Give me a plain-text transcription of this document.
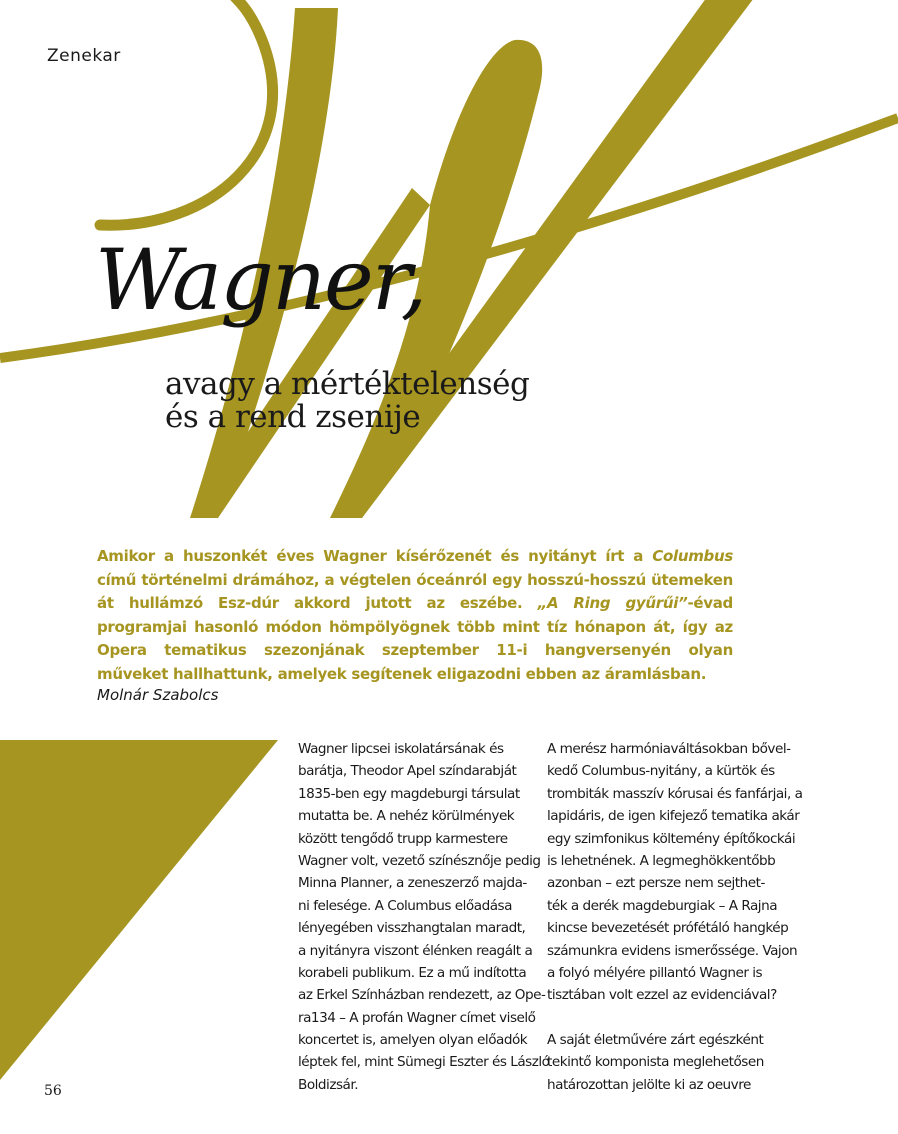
Zenekar
Wagner,
avagy a mértéktelenség
és a rend zsenije
Amikor a huszonkét éves Wagner kísérőzenét és nyitányt írt a Columbus című történelmi drámához, a végtelen óceánról egy hosszú-hosszú ütemeken át hullámzó Esz-dúr akkord jutott az eszébe. „A Ring gyűrűi”-évad programjai hasonló módon hömpölyögnek több mint tíz hónapon át, így az Opera tematikus szezonjának szeptember 11-i hangversenyén olyan műveket hallhattunk, amelyek segítenek eligazodni ebben az áramlásban.
Molnár Szabolcs
Wagner lipcsei iskolatársának és
barátja, Theodor Apel színdarabját
1835-ben egy magdeburgi társulat
mutatta be. A nehéz körülmények
között tengődő trupp karmestere
Wagner volt, vezető színésznője pedig
Minna Planner, a zeneszerző majda-
ni felesége. A Columbus előadása
lényegében visszhangtalan maradt,
a nyitányra viszont élénken reagált a
korabeli publikum. Ez a mű indította
az Erkel Színházban rendezett, az Ope-
ra134 – A profán Wagner címet viselő
koncertet is, amelyen olyan előadók
léptek fel, mint Sümegi Eszter és László
Boldizsár.
A merész harmóniaváltásokban bővel-
kedő Columbus-nyitány, a kürtök és
trombiták masszív kórusai és fanfárjai, a
lapidáris, de igen kifejező tematika akár
egy szimfonikus költemény építőkockái
is lehetnének. A legmeghökkentőbb
azonban – ezt persze nem sejthet-
ték a derék magdeburgiak – A Rajna
kincse bevezetését prófétáló hangkép
számunkra evidens ismerőssége. Vajon
a folyó mélyére pillantó Wagner is
tisztában volt ezzel az evidenciával?
A saját életművére zárt egészként
tekintő komponista meglehetősen
határozottan jelölte ki az oeuvre
56
